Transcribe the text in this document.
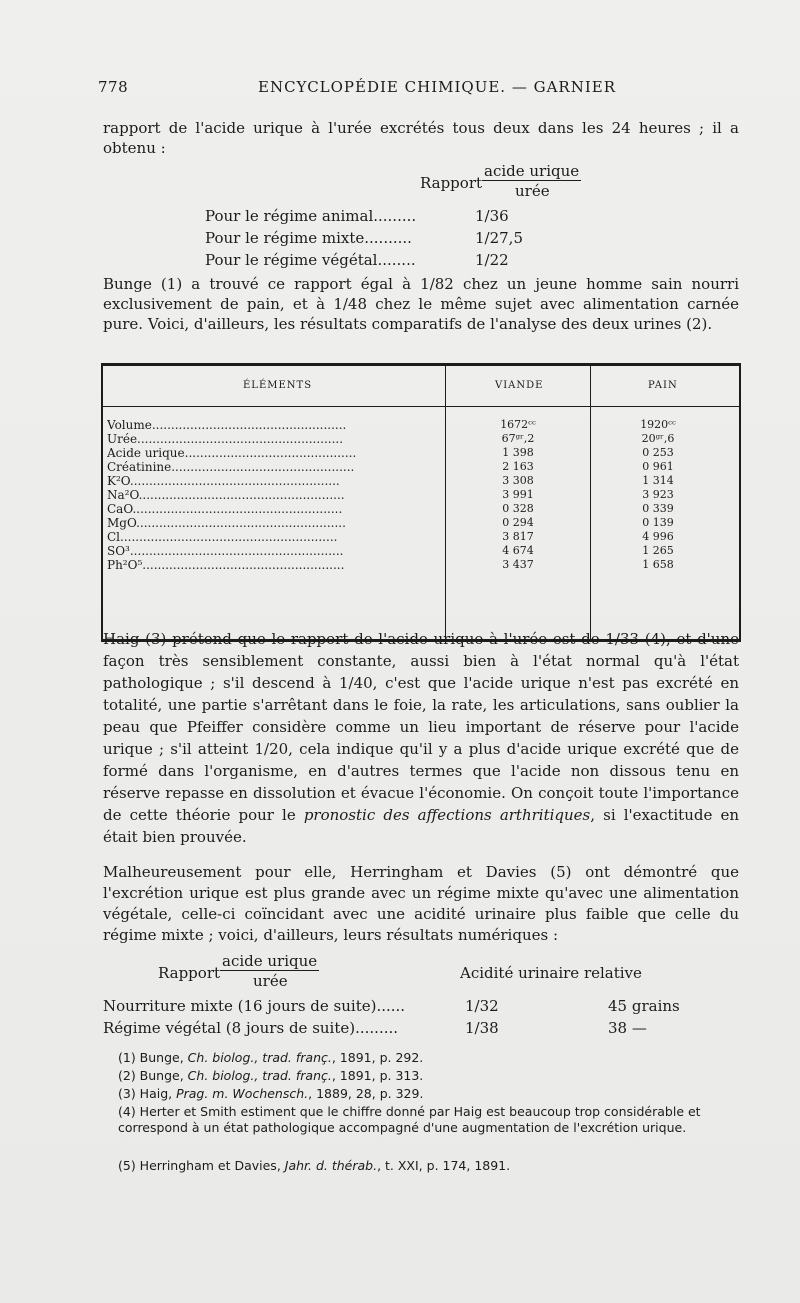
778	ENCYCLOPÉDIE CHIMIQUE. — GARNIER
rapport de l'acide urique à l'urée excrétés tous deux dans les 24 heures ; il a obtenu :
Rapport
acide urique
urée
Pour le régime animal.........	1/36
Pour le régime mixte..........	1/27,5
Pour le régime végétal........	1/22
Bunge (1) a trouvé ce rapport égal à 1/82 chez un jeune homme sain nourri exclusivement de pain, et à 1/48 chez le même sujet avec alimentation carnée pure. Voici, d'ailleurs, les résultats comparatifs de l'analyse des deux urines (2).
ÉLÉMENTS	VIANDE	PAIN
Volume...................................................	1672ᶜᶜ	1920ᶜᶜ
Urée......................................................	67ᵍʳ,2	20ᵍʳ,6
Acide urique.............................................	1 398	0 253
Créatinine................................................	2 163	0 961
K²O.......................................................	3 308	1 314
Na²O......................................................	3 991	3 923
CaO.......................................................	0 328	0 339
MgO.......................................................	0 294	0 139
Cl.........................................................	3 817	4 996
SO³........................................................	4 674	1 265
Ph²O⁵.....................................................	3 437	1 658
Haig (3) prétend que le rapport de l'acide urique à l'urée est de 1/33 (4), et d'une façon très sensiblement constante, aussi bien à l'état normal qu'à l'état pathologique ; s'il descend à 1/40, c'est que l'acide urique n'est pas excrété en totalité, une partie s'arrêtant dans le foie, la rate, les articulations, sans oublier la peau que Pfeiffer considère comme un lieu important de réserve pour l'acide urique ; s'il atteint 1/20, cela indique qu'il y a plus d'acide urique excrété que de formé dans l'organisme, en d'autres termes que l'acide non dissous tenu en réserve repasse en dissolution et évacue l'économie. On conçoit toute l'importance de cette théorie pour le pronostic des affections arthritiques, si l'exactitude en était bien prouvée.
Malheureusement pour elle, Herringham et Davies (5) ont démontré que l'excrétion urique est plus grande avec un régime mixte qu'avec une alimentation végétale, celle-ci coïncidant avec une acidité urinaire plus faible que celle du régime mixte ; voici, d'ailleurs, leurs résultats numériques :
Rapport
acide urique
urée	Acidité urinaire relative
Nourriture mixte (16 jours de suite)......	1/32	45 grains
Régime végétal (8 jours de suite).........	1/38	38 —
(1) Bunge, Ch. biolog., trad. franç., 1891, p. 292.
(2) Bunge, Ch. biolog., trad. franç., 1891, p. 313.
(3) Haig, Prag. m. Wochensch., 1889, 28, p. 329.
(4) Herter et Smith estiment que le chiffre donné par Haig est beaucoup trop considérable et correspond à un état pathologique accompagné d'une augmentation de l'excrétion urique.
(5) Herringham et Davies, Jahr. d. thérab., t. XXI, p. 174, 1891.
